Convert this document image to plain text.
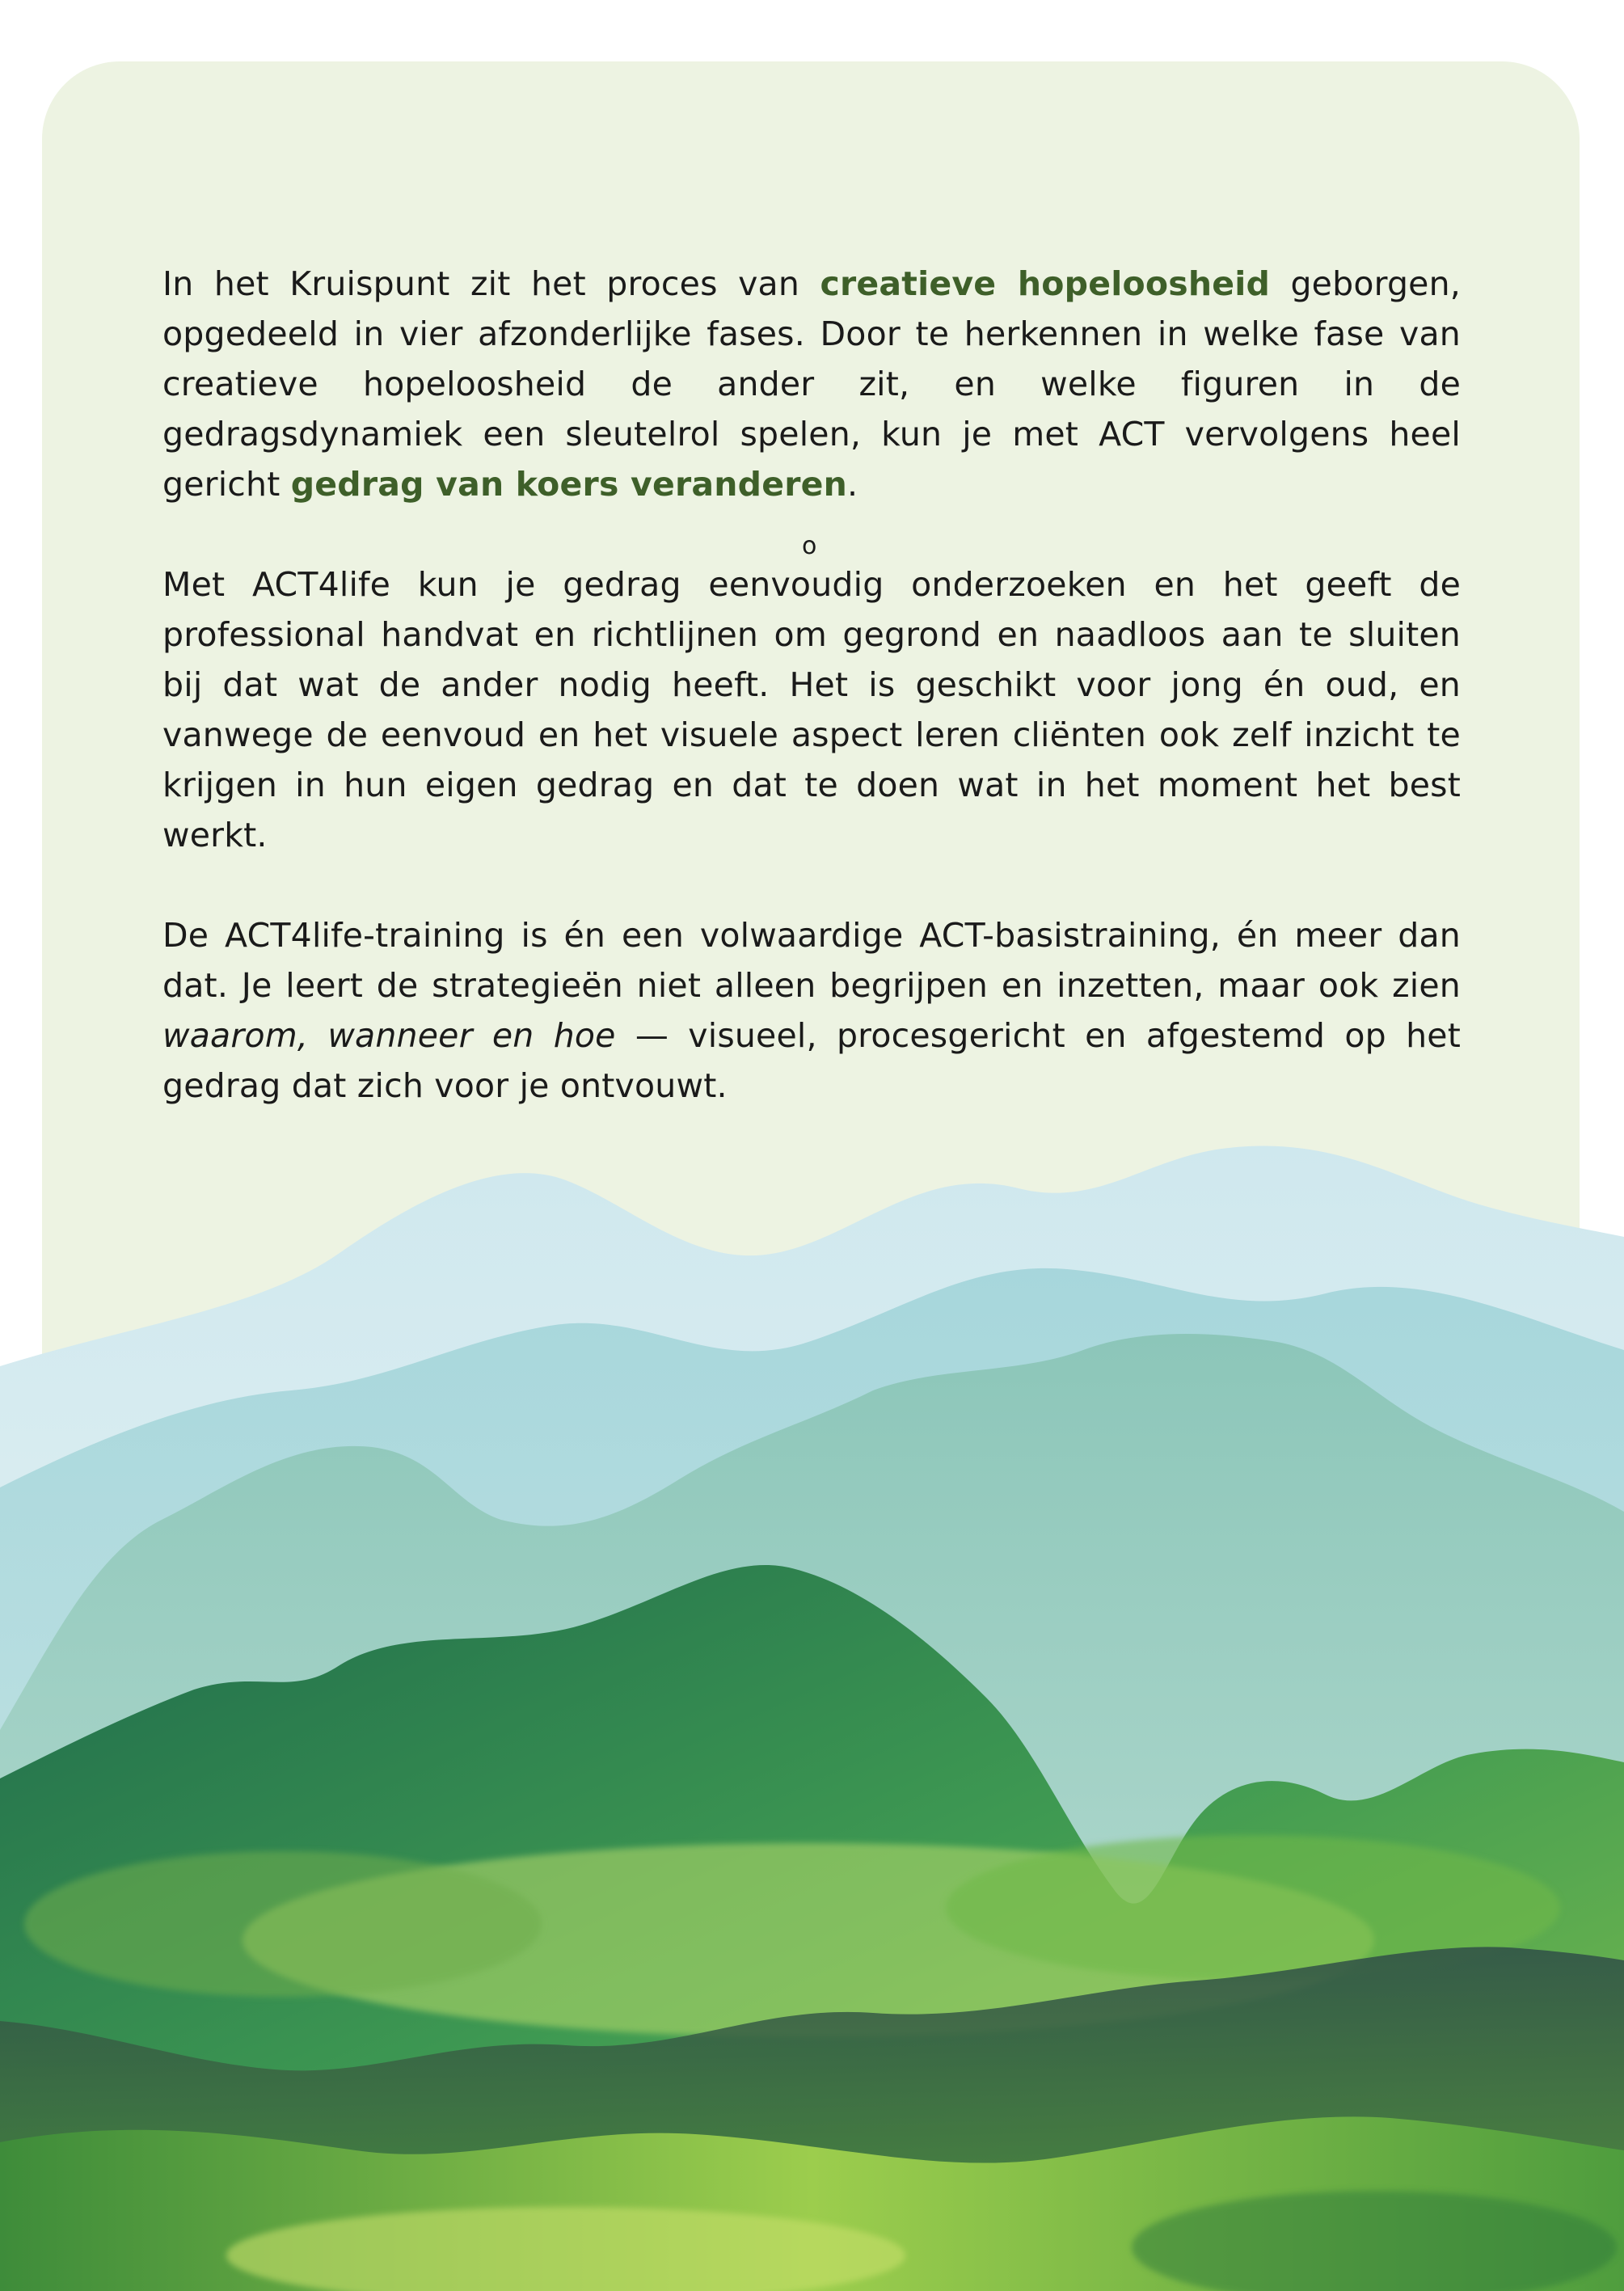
In het Kruispunt zit het proces van creatieve hopeloosheid geborgen, opgedeeld in vier afzonderlijke fases. Door te herkennen in welke fase van creatieve hopeloosheid de ander zit, en welke figuren in de gedragsdynamiek een sleutelrol spelen, kun je met ACT vervolgens heel gericht gedrag van koers veranderen.

Met ACT4life kun je gedrag eenvoudig onderzoeken en het geeft de professional handvat en richtlijnen om gegrond en naadloos aan te sluiten bij dat wat de ander nodig heeft. Het is geschikt voor jong én oud, en vanwege de eenvoud en het visuele aspect leren cliënten ook zelf inzicht te krijgen in hun eigen gedrag en dat te doen wat in het moment het best werkt.

De ACT4life-training is én een volwaardige ACT-basistraining, én meer dan dat. Je leert de strategieën niet alleen begrijpen en inzetten, maar ook zien waarom, wanneer en hoe — visueel, procesgericht en afgestemd op het gedrag dat zich voor je ontvouwt.

o
